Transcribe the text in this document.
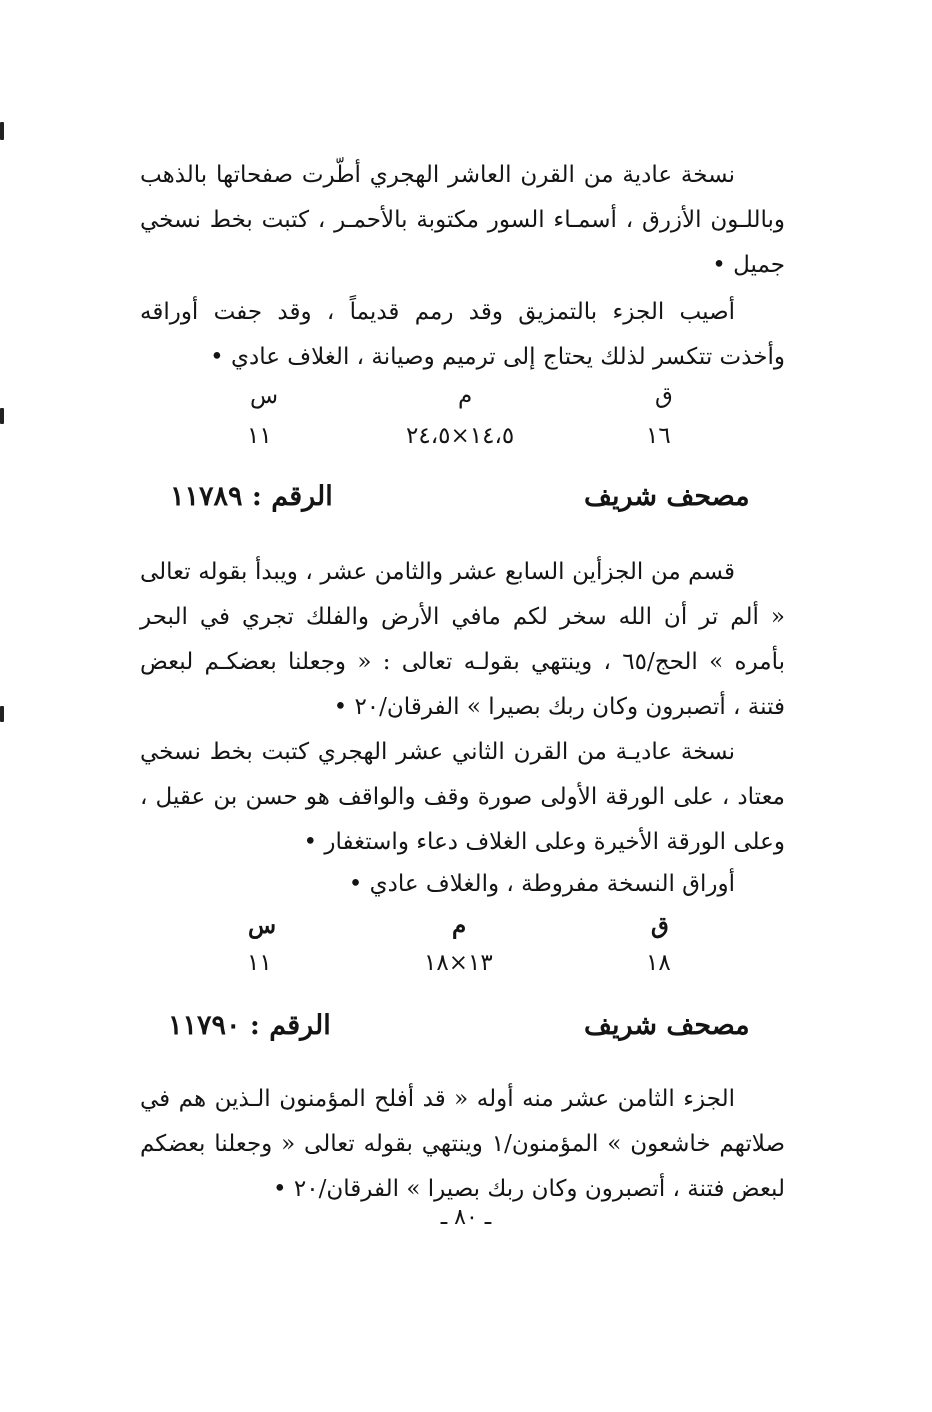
نسخة عادية من القرن العاشر الهجري أطّرت صفحاتها بالذهب وباللـون الأزرق ، أسمـاء السور مكتوبة بالأحمـر ، كتبت بخط نسخي جميل •

أصيب الجزء بالتمزيق وقد رمم قديماً ، وقد جفت أوراقه وأخذت تتكسر لذلك يحتاج إلى ترميم وصيانة ، الغلاف عادي •

ق
م
س
١٦
١٤،٥×٢٤،٥
١١
مصحف شريف
الرقم : ١١٧٨٩

قسم من الجزأين السابع عشر والثامن عشر ، ويبدأ بقوله تعالى « ألم تر أن الله سخر لكم مافي الأرض والفلك تجري في البحر بأمره » الحج/٦٥ ، وينتهي بقولـه تعالى : « وجعلنا بعضكـم لبعض فتنة ، أتصبرون وكان ربك بصيرا » الفرقان/٢٠ •

نسخة عاديـة من القرن الثاني عشر الهجري كتبت بخط نسخي معتاد ، على الورقة الأولى صورة وقف والواقف هو حسن بن عقيل ، وعلى الورقة الأخيرة وعلى الغلاف دعاء واستغفار •

أوراق النسخة مفروطة ، والغلاف عادي •

ق
م
س
١٨
١٣×١٨
١١
مصحف شريف
الرقم : ١١٧٩٠

الجزء الثامن عشر منه أوله « قد أفلح المؤمنون الـذين هم في صلاتهم خاشعون » المؤمنون/١ وينتهي بقوله تعالى « وجعلنا بعضكم لبعض فتنة ، أتصبرون وكان ربك بصيرا » الفرقان/٢٠ •

ـ ٨٠ ـ
